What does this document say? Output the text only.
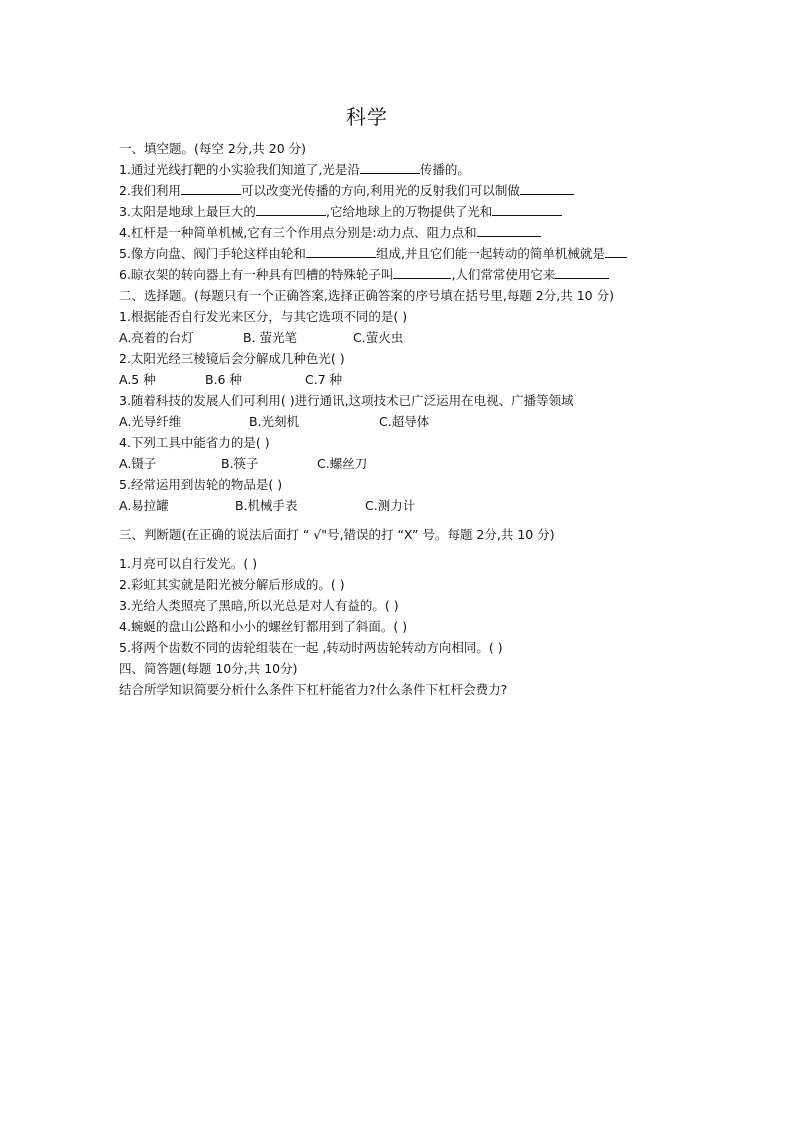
科学
一、填空题。(每空 2分,共 20 分)
1.通过光线打靶的小实验我们知道了,光是沿	传播的。
2.我们利用	可以改变光传播的方向,利用光的反射我们可以制做
3.太阳是地球上最巨大的	,它给地球上的万物提供了光和
4.杠杆是一种简单机械,它有三个作用点分别是:动力点、阻力点和
5.像方向盘、阀门手轮这样由轮和	组成,并且它们能一起转动的简单机械就是
6.晾衣架的转向器上有一种具有凹槽的特殊轮子叫	,人们常常使用它来
二、选择题。(每题只有一个正确答案,选择正确答案的序号填在括号里,每题 2分,共 10 分)
1.根据能否自行发光来区分，与其它选项不同的是( )
A.亮着的台灯	B. 萤光笔	C.萤火虫
2.太阳光经三棱镜后会分解成几种色光( )
A.5 种	B.6 种	C.7 种
3.随着科技的发展人们可利用( )进行通讯,这项技术已广泛运用在电视、广播等领域
A.光导纤维	B.光刻机	C.超导体
4.下列工具中能省力的是( )
A.镊子	B.筷子	C.螺丝刀
5.经常运用到齿轮的物品是( )
A.易拉罐	B.机械手表	C.测力计
三、判断题(在正确的说法后面打 “ √"号,错误的打 “X” 号。每题 2分,共 10 分)
1.月亮可以自行发光。( )
2.彩虹其实就是阳光被分解后形成的。( )
3.光给人类照亮了黑暗,所以光总是对人有益的。( )
4.蜿蜒的盘山公路和小小的螺丝钉都用到了斜面。( )
5.将两个齿数不同的齿轮组装在一起 ,转动时两齿轮转动方向相同。( )
四、简答题(每题 10分,共 10分)
结合所学知识简要分析什么条件下杠杆能省力?什么条件下杠杆会费力?
